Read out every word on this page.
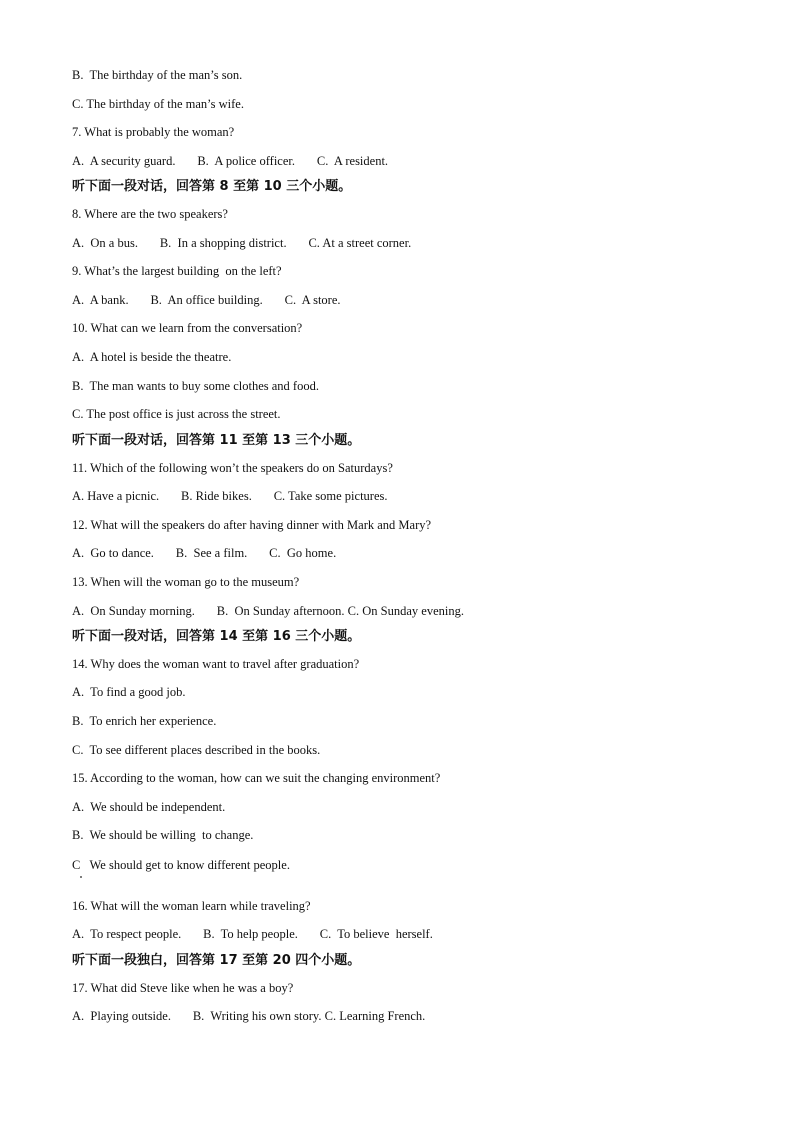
B.  The birthday of the man’s son.
C. The birthday of the man’s wife.
7. What is probably the woman?
A.  A security guard.       B.  A police officer.       C.  A resident.
听下面一段对话，回答第 8 至第 10 三个小题。
8. Where are the two speakers?
A.  On a bus.       B.  In a shopping district.       C. At a street corner.
9. What’s the largest building  on the left?
A.  A bank.       B.  An office building.       C.  A store.
10. What can we learn from the conversation?
A.  A hotel is beside the theatre.
B.  The man wants to buy some clothes and food.
C. The post office is just across the street.
听下面一段对话，回答第 11 至第 13 三个小题。
11. Which of the following won’t the speakers do on Saturdays?
A. Have a picnic.       B. Ride bikes.       C. Take some pictures.
12. What will the speakers do after having dinner with Mark and Mary?
A.  Go to dance.       B.  See a film.       C.  Go home.
13. When will the woman go to the museum?
A.  On Sunday morning.       B.  On Sunday afternoon. C. On Sunday evening.
听下面一段对话，回答第 14 至第 16 三个小题。
14. Why does the woman want to travel after graduation?
A.  To find a good job.
B.  To enrich her experience.
C.  To see different places described in the books.
15. According to the woman, how can we suit the changing environment?
A.  We should be independent.
B.  We should be willing  to change.
C   We should get to know different people.
16. What will the woman learn while traveling?
A.  To respect people.       B.  To help people.       C.  To believe  herself.
听下面一段独白，回答第 17 至第 20 四个小题。
17. What did Steve like when he was a boy?
A.  Playing outside.       B.  Writing his own story. C. Learning French.
